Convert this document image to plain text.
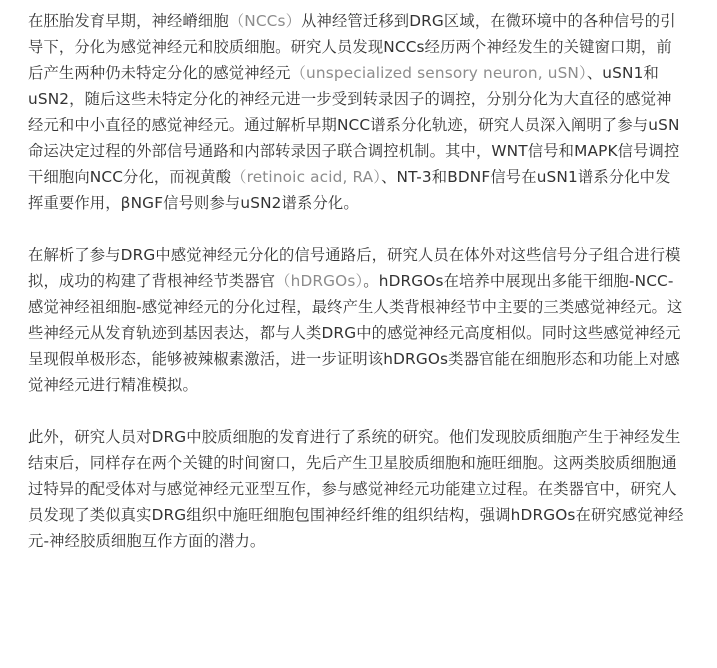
在胚胎发育早期，神经嵴细胞（NCCs）从神经管迁移到DRG区域，在微环境中的各种信号的引
导下，分化为感觉神经元和胶质细胞。研究人员发现NCCs经历两个神经发生的关键窗口期，前
后产生两种仍未特定分化的感觉神经元（unspecialized sensory neuron, uSN）、uSN1和
uSN2，随后这些未特定分化的神经元进一步受到转录因子的调控，分别分化为大直径的感觉神
经元和中小直径的感觉神经元。通过解析早期NCC谱系分化轨迹，研究人员深入阐明了参与uSN
命运决定过程的外部信号通路和内部转录因子联合调控机制。其中，WNT信号和MAPK信号调控
干细胞向NCC分化，而视黄酸（retinoic acid, RA）、NT-3和BDNF信号在uSN1谱系分化中发
挥重要作用，βNGF信号则参与uSN2谱系分化。

在解析了参与DRG中感觉神经元分化的信号通路后，研究人员在体外对这些信号分子组合进行模
拟，成功的构建了背根神经节类器官（hDRGOs）。hDRGOs在培养中展现出多能干细胞-NCC-
感觉神经祖细胞-感觉神经元的分化过程，最终产生人类背根神经节中主要的三类感觉神经元。这
些神经元从发育轨迹到基因表达，都与人类DRG中的感觉神经元高度相似。同时这些感觉神经元
呈现假单极形态，能够被辣椒素激活，进一步证明该hDRGOs类器官能在细胞形态和功能上对感
觉神经元进行精准模拟。

此外，研究人员对DRG中胶质细胞的发育进行了系统的研究。他们发现胶质细胞产生于神经发生
结束后，同样存在两个关键的时间窗口，先后产生卫星胶质细胞和施旺细胞。这两类胶质细胞通
过特异的配受体对与感觉神经元亚型互作，参与感觉神经元功能建立过程。在类器官中，研究人
员发现了类似真实DRG组织中施旺细胞包围神经纤维的组织结构，强调hDRGOs在研究感觉神经
元-神经胶质细胞互作方面的潜力。
